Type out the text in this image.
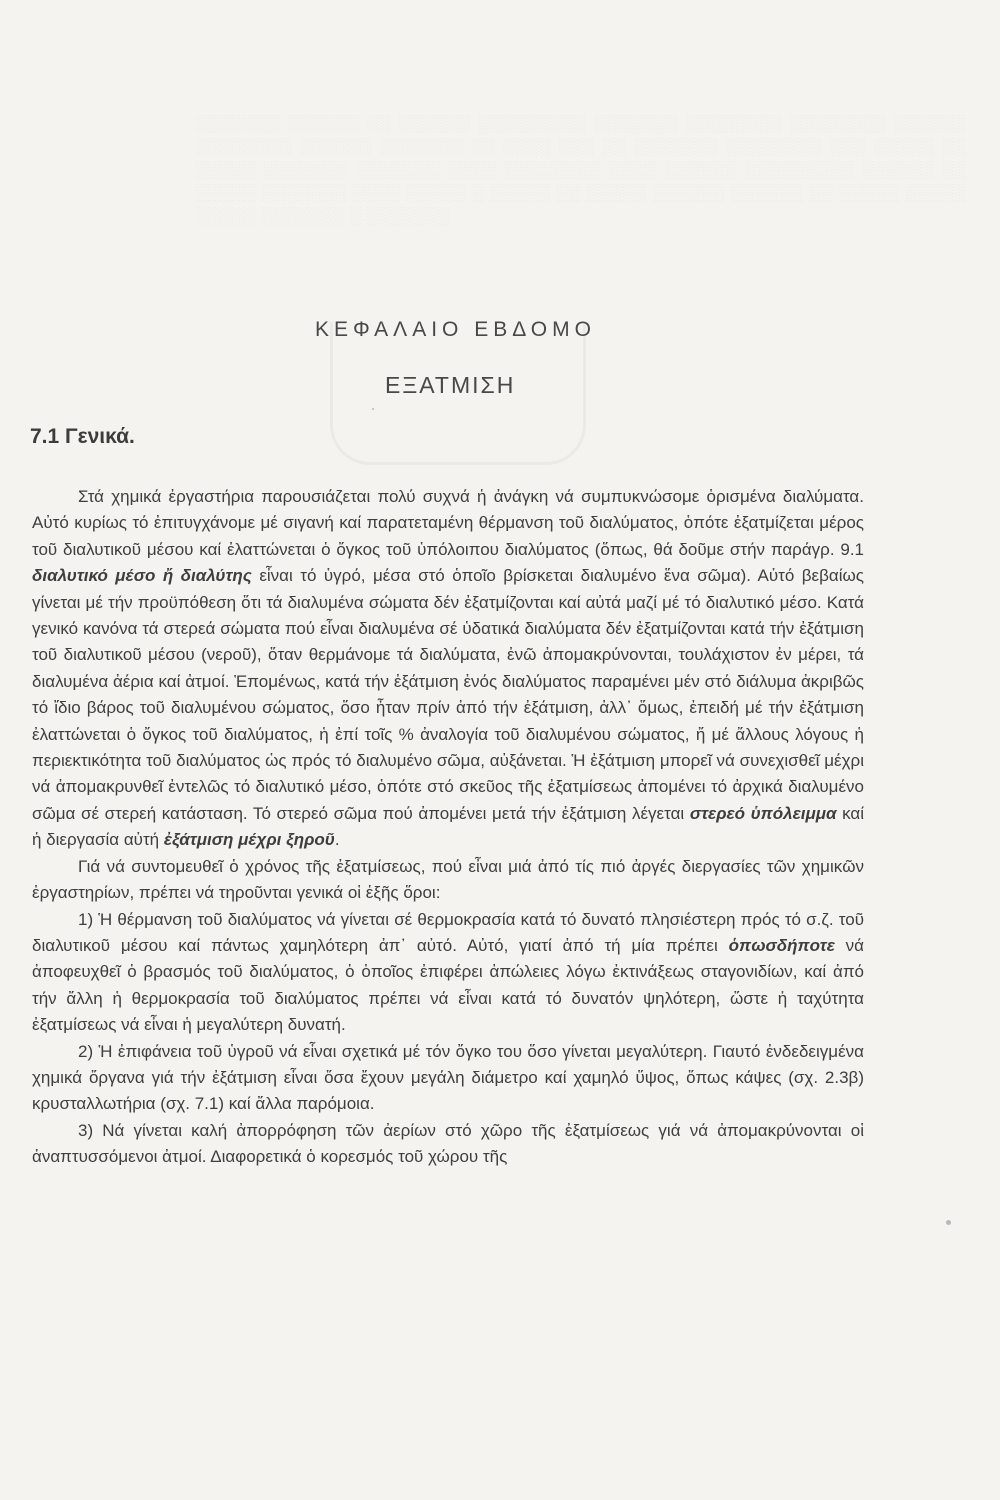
░░░░░░░ ░░░░░░ ░░ ░░░░░░ ░░░░░░░░░ ░░░░░░░ ░░░░░░░░ ░░░░░░░░ ░░░░░░ ░░░░░░░░ ░░░░░░ ░░░░░░░ ░░ ░░░░ ░░░ ░░ ░░░░░░░ ░░░░░░░░ ░░░ ░░░░░ ░░ ░░░░░ ░░░░░░░ ░░░░░░░ ░░░░ ░░░░░░░░ ░░░░ ░░░░░░ ░░░░░░░░░ ░░░░░░ ░░ ░░░░░ ░░░░░░░ ░░░░ ░░░░░ ░ ░░░░░ ░░ ░░░░░ ░░░░░░ ░░░░░░ ░░ ░░░░░ ░░░░░ ░░░░░ ░░░░░░░ ░ ░░░░░░░
ΚΕΦΑΛΑΙΟ ΕΒΔΟΜΟ
ΕΞΑΤΜΙΣΗ
7.1 Γενικά.

Στά χημικά ἐργαστήρια παρουσιάζεται πολύ συχνά ἡ ἀνάγκη νά συμπυκνώσομε ὁρισμένα διαλύματα. Αὐτό κυρίως τό ἐπιτυγχάνομε μέ σιγανή καί παρατεταμένη θέρμανση τοῦ διαλύματος, ὁπότε ἐξατμίζεται μέρος τοῦ διαλυτικοῦ μέσου καί ἐλαττώνεται ὁ ὄγκος τοῦ ὑπόλοιπου διαλύματος (ὅπως, θά δοῦμε στήν παράγρ. 9.1 διαλυτικό μέσο ἤ διαλύτης εἶναι τό ὑγρό, μέσα στό ὁποῖο βρίσκεται διαλυμένο ἕνα σῶμα). Αὐτό βεβαίως γίνεται μέ τήν προϋπόθεση ὅτι τά διαλυμένα σώματα δέν ἐξατμίζονται καί αὐτά μαζί μέ τό διαλυτικό μέσο. Κατά γενικό κανόνα τά στερεά σώματα πού εἶναι διαλυμένα σέ ὑδατικά διαλύματα δέν ἐξατμίζονται κατά τήν ἐξάτμιση τοῦ διαλυτικοῦ μέσου (νεροῦ), ὅταν θερμάνομε τά διαλύματα, ἐνῶ ἀπομακρύνονται, τουλάχιστον ἐν μέρει, τά διαλυμένα ἀέρια καί ἀτμοί. Ἑπομένως, κατά τήν ἐξάτμιση ἑνός διαλύματος παραμένει μέν στό διάλυμα ἀκριβῶς τό ἴδιο βάρος τοῦ διαλυμένου σώματος, ὅσο ἦταν πρίν ἀπό τήν ἐξάτμιση, ἀλλ᾽ ὅμως, ἐπειδή μέ τήν ἐξάτμιση ἐλαττώνεται ὁ ὄγκος τοῦ διαλύματος, ἡ ἐπί τοῖς % ἀναλογία τοῦ διαλυμένου σώματος, ἤ μέ ἄλλους λόγους ἡ περιεκτικότητα τοῦ διαλύματος ὡς πρός τό διαλυμένο σῶμα, αὐξάνεται. Ἡ ἐξάτμιση μπορεῖ νά συνεχισθεῖ μέχρι νά ἀπομακρυνθεῖ ἐντελῶς τό διαλυτικό μέσο, ὁπότε στό σκεῦος τῆς ἐξατμίσεως ἀπομένει τό ἀρχικά διαλυμένο σῶμα σέ στερεή κατάσταση. Τό στερεό σῶμα πού ἀπομένει μετά τήν ἐξάτμιση λέγεται στερεό ὑπόλειμμα καί ἡ διεργασία αὐτή ἐξάτμιση μέχρι ξηροῦ.

Γιά νά συντομευθεῖ ὁ χρόνος τῆς ἐξατμίσεως, πού εἶναι μιά ἀπό τίς πιό ἀργές διεργασίες τῶν χημικῶν ἐργαστηρίων, πρέπει νά τηροῦνται γενικά οἱ ἑξῆς ὅροι:

1) Ἡ θέρμανση τοῦ διαλύματος νά γίνεται σέ θερμοκρασία κατά τό δυνατό πλησιέστερη πρός τό σ.ζ. τοῦ διαλυτικοῦ μέσου καί πάντως χαμηλότερη ἀπ᾽ αὐτό. Αὐτό, γιατί ἀπό τή μία πρέπει ὁπωσδήποτε νά ἀποφευχθεῖ ὁ βρασμός τοῦ διαλύματος, ὁ ὁποῖος ἐπιφέρει ἀπώλειες λόγω ἐκτινάξεως σταγονιδίων, καί ἀπό τήν ἄλλη ἡ θερμοκρασία τοῦ διαλύματος πρέπει νά εἶναι κατά τό δυνατόν ψηλότερη, ὥστε ἡ ταχύτητα ἐξατμίσεως νά εἶναι ἡ μεγαλύτερη δυνατή.

2) Ἡ ἐπιφάνεια τοῦ ὑγροῦ νά εἶναι σχετικά μέ τόν ὄγκο του ὅσο γίνεται μεγαλύτερη. Γιαυτό ἐνδεδειγμένα χημικά ὄργανα γιά τήν ἐξάτμιση εἶναι ὅσα ἔχουν μεγάλη διάμετρο καί χαμηλό ὕψος, ὅπως κάψες (σχ. 2.3β) κρυσταλλωτήρια (σχ. 7.1) καί ἄλλα παρόμοια.

3) Νά γίνεται καλή ἀπορρόφηση τῶν ἀερίων στό χῶρο τῆς ἐξατμίσεως γιά νά ἀπομακρύνονται οἱ ἀναπτυσσόμενοι ἀτμοί. Διαφορετικά ὁ κορεσμός τοῦ χώρου τῆς
